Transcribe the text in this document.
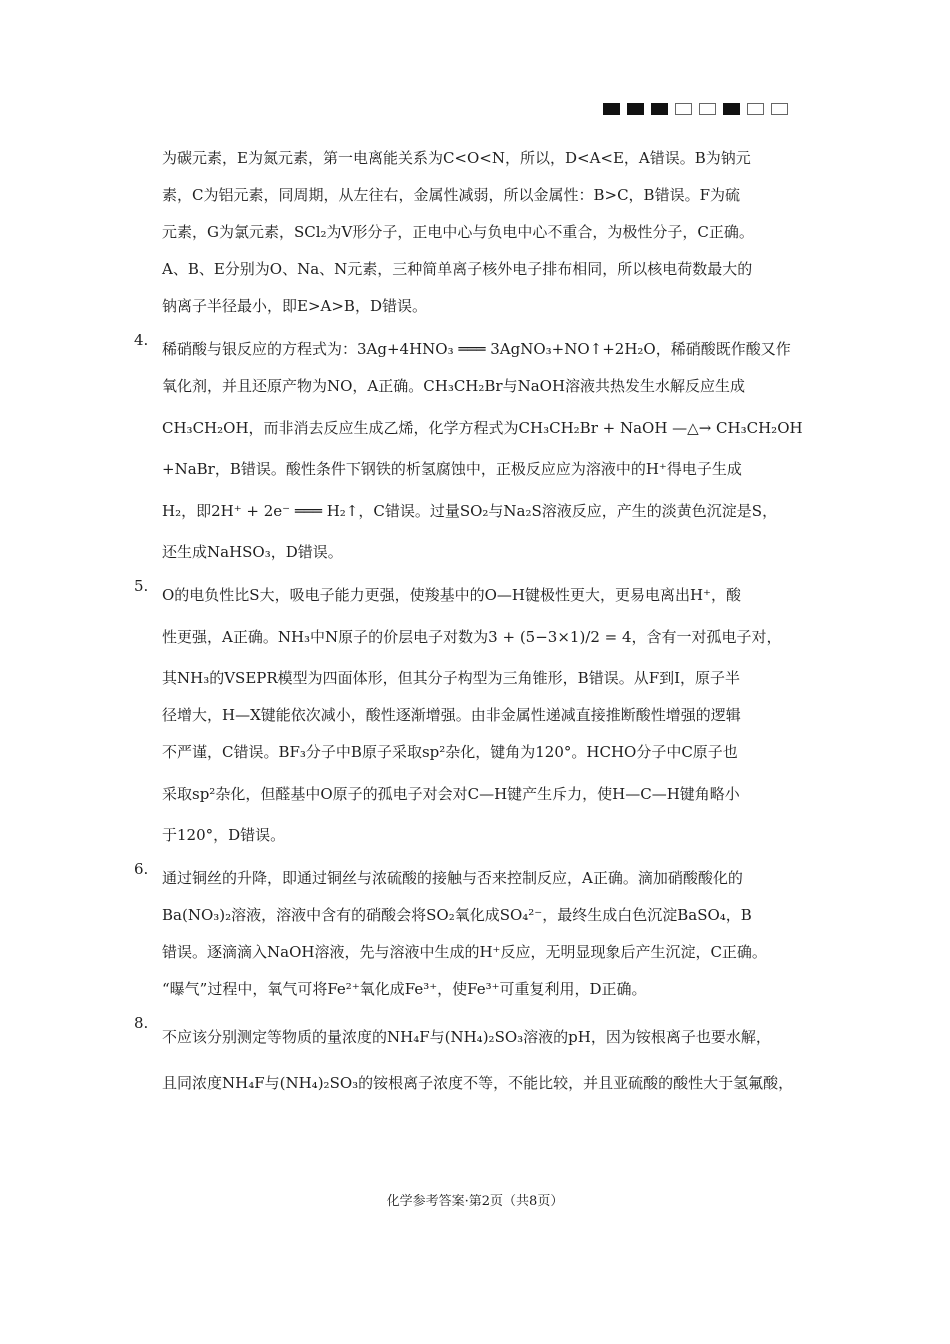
为碳元素，E为氮元素，第一电离能关系为C<O<N，所以，D<A<E，A错误。B为钠元
素，C为铝元素，同周期，从左往右，金属性减弱，所以金属性：B>C，B错误。F为硫
元素，G为氯元素，SCl₂为V形分子，正电中心与负电中心不重合，为极性分子，C正确。
A、B、E分别为O、Na、N元素，三种简单离子核外电子排布相同，所以核电荷数最大的
钠离子半径最小，即E>A>B，D错误。
4. 稀硝酸与银反应的方程式为：3Ag+4HNO₃ ═══ 3AgNO₃+NO↑+2H₂O，稀硝酸既作酸又作
氧化剂，并且还原产物为NO，A正确。CH₃CH₂Br与NaOH溶液共热发生水解反应生成
CH₃CH₂OH，而非消去反应生成乙烯，化学方程式为CH₃CH₂Br + NaOH —△→ CH₃CH₂OH
+NaBr，B错误。酸性条件下钢铁的析氢腐蚀中，正极反应应为溶液中的H⁺得电子生成
H₂，即2H⁺ + 2e⁻ ═══ H₂↑，C错误。过量SO₂与Na₂S溶液反应，产生的淡黄色沉淀是S，
还生成NaHSO₃，D错误。
5. O的电负性比S大，吸电子能力更强，使羧基中的O—H键极性更大，更易电离出H⁺，酸
性更强，A正确。NH₃中N原子的价层电子对数为3 + (5−3×1)/2 = 4，含有一对孤电子对，
其NH₃的VSEPR模型为四面体形，但其分子构型为三角锥形，B错误。从F到I，原子半
径增大，H—X键能依次减小，酸性逐渐增强。由非金属性递减直接推断酸性增强的逻辑
不严谨，C错误。BF₃分子中B原子采取sp²杂化，键角为120°。HCHO分子中C原子也
采取sp²杂化，但醛基中O原子的孤电子对会对C—H键产生斥力，使H—C—H键角略小
于120°，D错误。
6. 通过铜丝的升降，即通过铜丝与浓硫酸的接触与否来控制反应，A正确。滴加硝酸酸化的
Ba(NO₃)₂溶液，溶液中含有的硝酸会将SO₂氧化成SO₄²⁻，最终生成白色沉淀BaSO₄，B
错误。逐滴滴入NaOH溶液，先与溶液中生成的H⁺反应，无明显现象后产生沉淀，C正确。
“曝气”过程中，氧气可将Fe²⁺氧化成Fe³⁺，使Fe³⁺可重复利用，D正确。
8.
不应该分别测定等物质的量浓度的NH₄F与(NH₄)₂SO₃溶液的pH，因为铵根离子也要水解，
且同浓度NH₄F与(NH₄)₂SO₃的铵根离子浓度不等，不能比较，并且亚硫酸的酸性大于氢氟酸，
化学参考答案·第2页（共8页）
